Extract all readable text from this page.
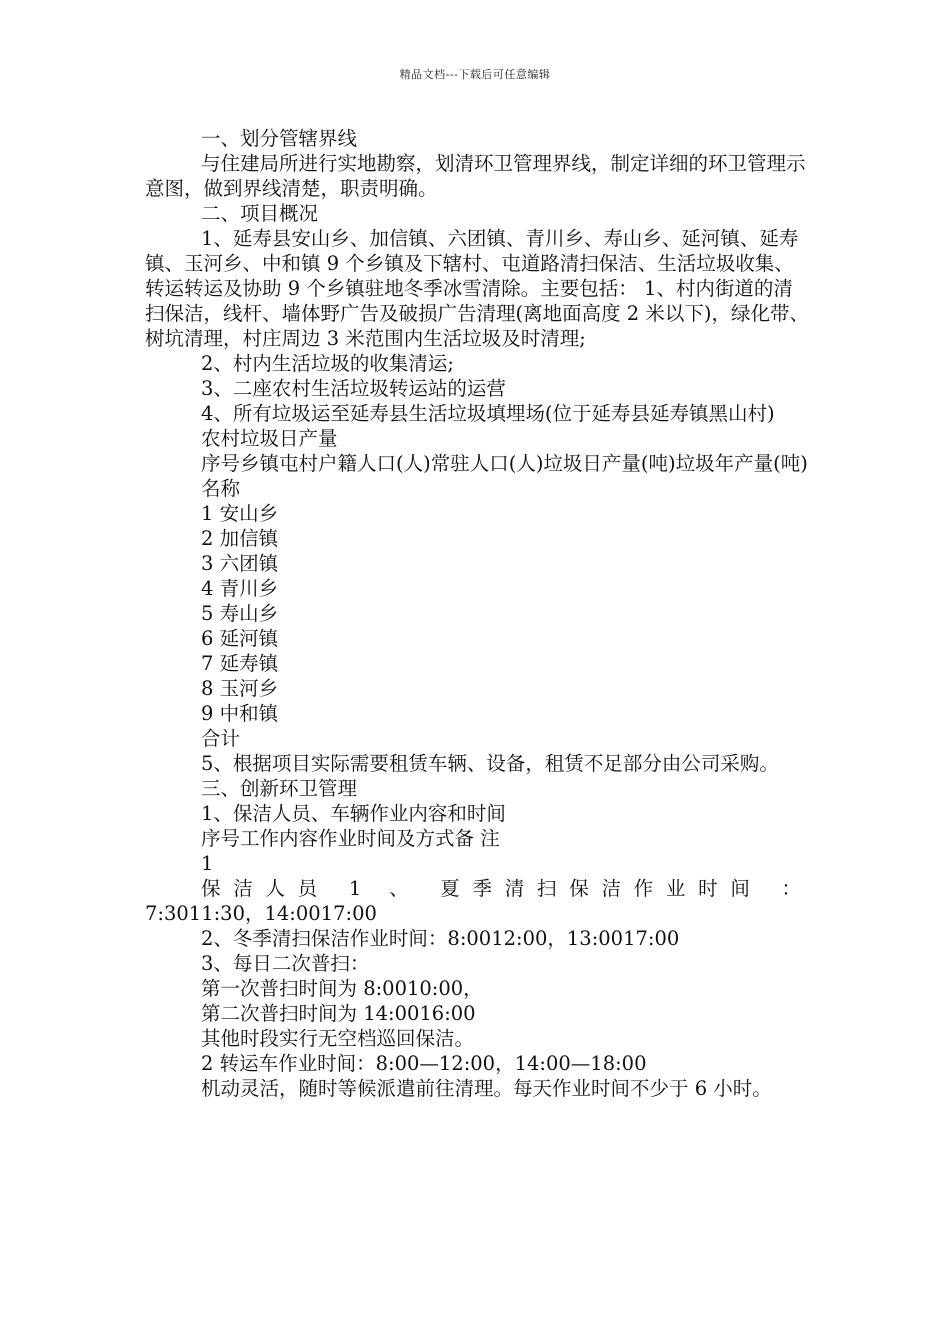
精品文档---下载后可任意编辑

一、划分管辖界线

与住建局所进行实地勘察，划清环卫管理界线，制定详细的环卫管理示意图，做到界线清楚，职责明确。

二、项目概况

1、延寿县安山乡、加信镇、六团镇、青川乡、寿山乡、延河镇、延寿镇、玉河乡、中和镇 9 个乡镇及下辖村、屯道路清扫保洁、生活垃圾收集、转运转运及协助 9 个乡镇驻地冬季冰雪清除。主要包括： 1、村内街道的清扫保洁，线杆、墙体野广告及破损广告清理(离地面高度 2 米以下)，绿化带、树坑清理，村庄周边 3 米范围内生活垃圾及时清理;

2、村内生活垃圾的收集清运;

3、二座农村生活垃圾转运站的运营

4、所有垃圾运至延寿县生活垃圾填埋场(位于延寿县延寿镇黑山村)

农村垃圾日产量

序号乡镇屯村户籍人口(人)常驻人口(人)垃圾日产量(吨)垃圾年产量(吨)

名称

1 安山乡

2 加信镇

3 六团镇

4 青川乡

5 寿山乡

6 延河镇

7 延寿镇

8 玉河乡

9 中和镇

合计

5、根据项目实际需要租赁车辆、设备，租赁不足部分由公司采购。

三、创新环卫管理

1、保洁人员、车辆作业内容和时间

序号工作内容作业时间及方式备 注

1

保洁人员 1 、 夏季清扫保洁作业时间 ：

7:3011:30，14:0017:00

2、冬季清扫保洁作业时间：8:0012:00，13:0017:00

3、每日二次普扫：

第一次普扫时间为 8:0010:00，

第二次普扫时间为 14:0016:00

其他时段实行无空档巡回保洁。

2 转运车作业时间：8:00—12:00，14:00—18:00

机动灵活，随时等候派遣前往清理。每天作业时间不少于 6 小时。
